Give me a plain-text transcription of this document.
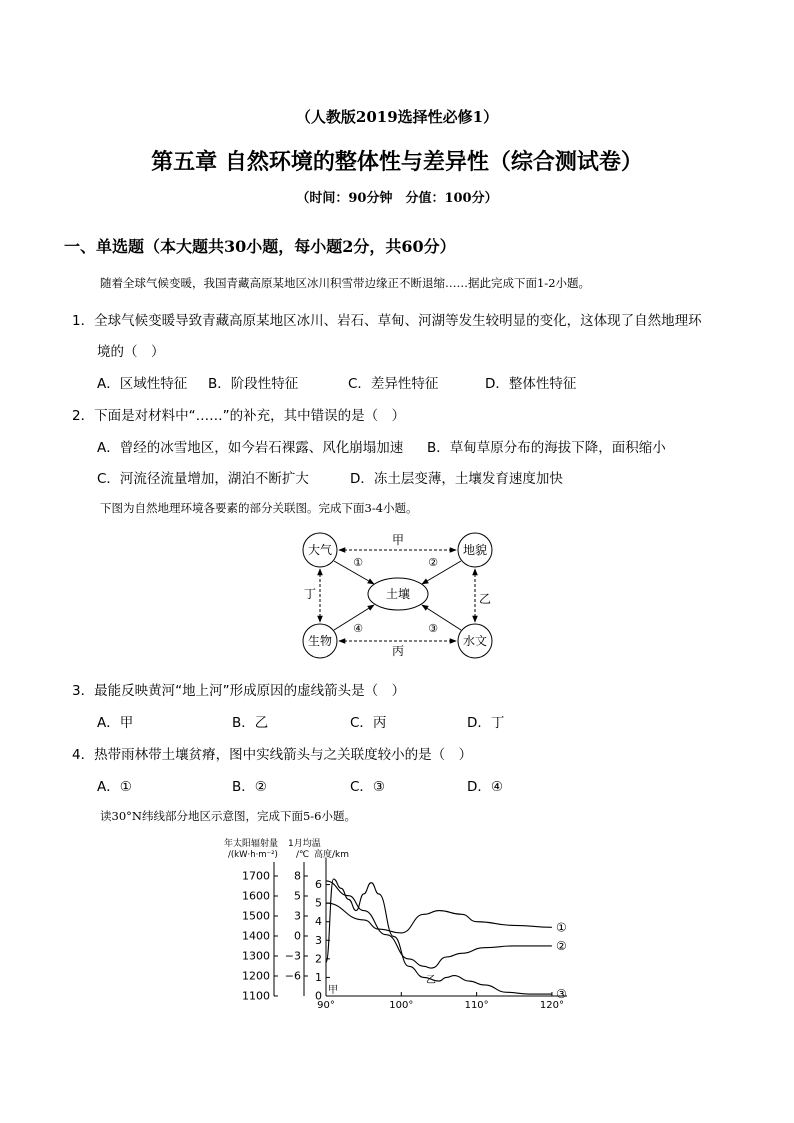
（人教版2019选择性必修1）
第五章 自然环境的整体性与差异性（综合测试卷）
（时间：90分钟　分值：100分）
一、单选题（本大题共30小题，每小题2分，共60分）
随着全球气候变暖，我国青藏高原某地区冰川积雪带边缘正不断退缩……据此完成下面1-2小题。
1．全球气候变暖导致青藏高原某地区冰川、岩石、草甸、河湖等发生较明显的变化，这体现了自然地理环
境的（　）
A．区域性特征 B．阶段性特征	C．差异性特征	D．整体性特征
2．下面是对材料中“……”的补充，其中错误的是（　）
A．曾经的冰雪地区，如今岩石裸露、风化崩塌加速 B．草甸草原分布的海拔下降，面积缩小
C．河流径流量增加，湖泊不断扩大	D．冻土层变薄，土壤发育速度加快
下图为自然地理环境各要素的部分关联图。完成下面3-4小题。
大气	地貌
生物	水文
土壤
甲
丙
丁	乙
①	②
③
④
3．最能反映黄河“地上河”形成原因的虚线箭头是（　）
A．甲	B．乙	C．丙	D．丁
4．热带雨林带土壤贫瘠，图中实线箭头与之关联度较小的是（　）
A．①	B．②	C．③	D．④
读30°N纬线部分地区示意图，完成下面5-6小题。
年太阳辐射量
/(kW·h·m⁻²)
1月均温
/℃ 高度/km
1700
1600
1500
1400
1300
1200
1100
8
5
3
0
−3
−6
6
5
4
3
2
1
0
90°	100°	110°	120°
①
②
③
甲
乙
